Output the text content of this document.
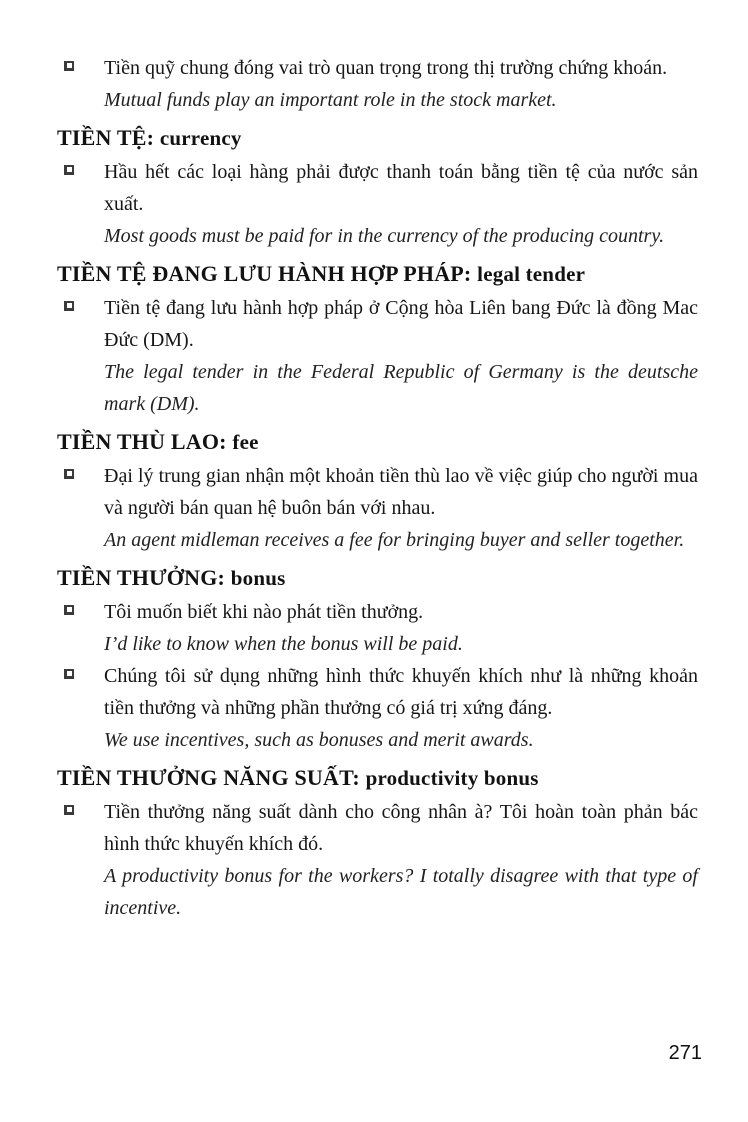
Tiền quỹ chung đóng vai trò quan trọng trong thị trường chứng khoán.

Mutual funds play an important role in the stock market.

TIỀN TỆ: currency

Hầu hết các loại hàng phải được thanh toán bằng tiền tệ của nước sản xuất.

Most goods must be paid for in the currency of the producing country.

TIỀN TỆ ĐANG LƯU HÀNH HỢP PHÁP: legal tender

Tiền tệ đang lưu hành hợp pháp ở Cộng hòa Liên bang Đức là đồng Mac Đức (DM).

The legal tender in the Federal Republic of Germany is the deutsche mark (DM).

TIỀN THÙ LAO: fee

Đại lý trung gian nhận một khoản tiền thù lao về việc giúp cho người mua và người bán quan hệ buôn bán với nhau.

An agent midleman receives a fee for bringing buyer and seller together.

TIỀN THƯỞNG: bonus

Tôi muốn biết khi nào phát tiền thưởng.

I’d like to know when the bonus will be paid.

Chúng tôi sử dụng những hình thức khuyến khích như là những khoản tiền thưởng và những phần thưởng có giá trị xứng đáng.

We use incentives, such as bonuses and merit awards.

TIỀN THƯỞNG NĂNG SUẤT: productivity bonus

Tiền thưởng năng suất dành cho công nhân à? Tôi hoàn toàn phản bác hình thức khuyến khích đó.

A productivity bonus for the workers? I totally disagree with that type of incentive.

271
